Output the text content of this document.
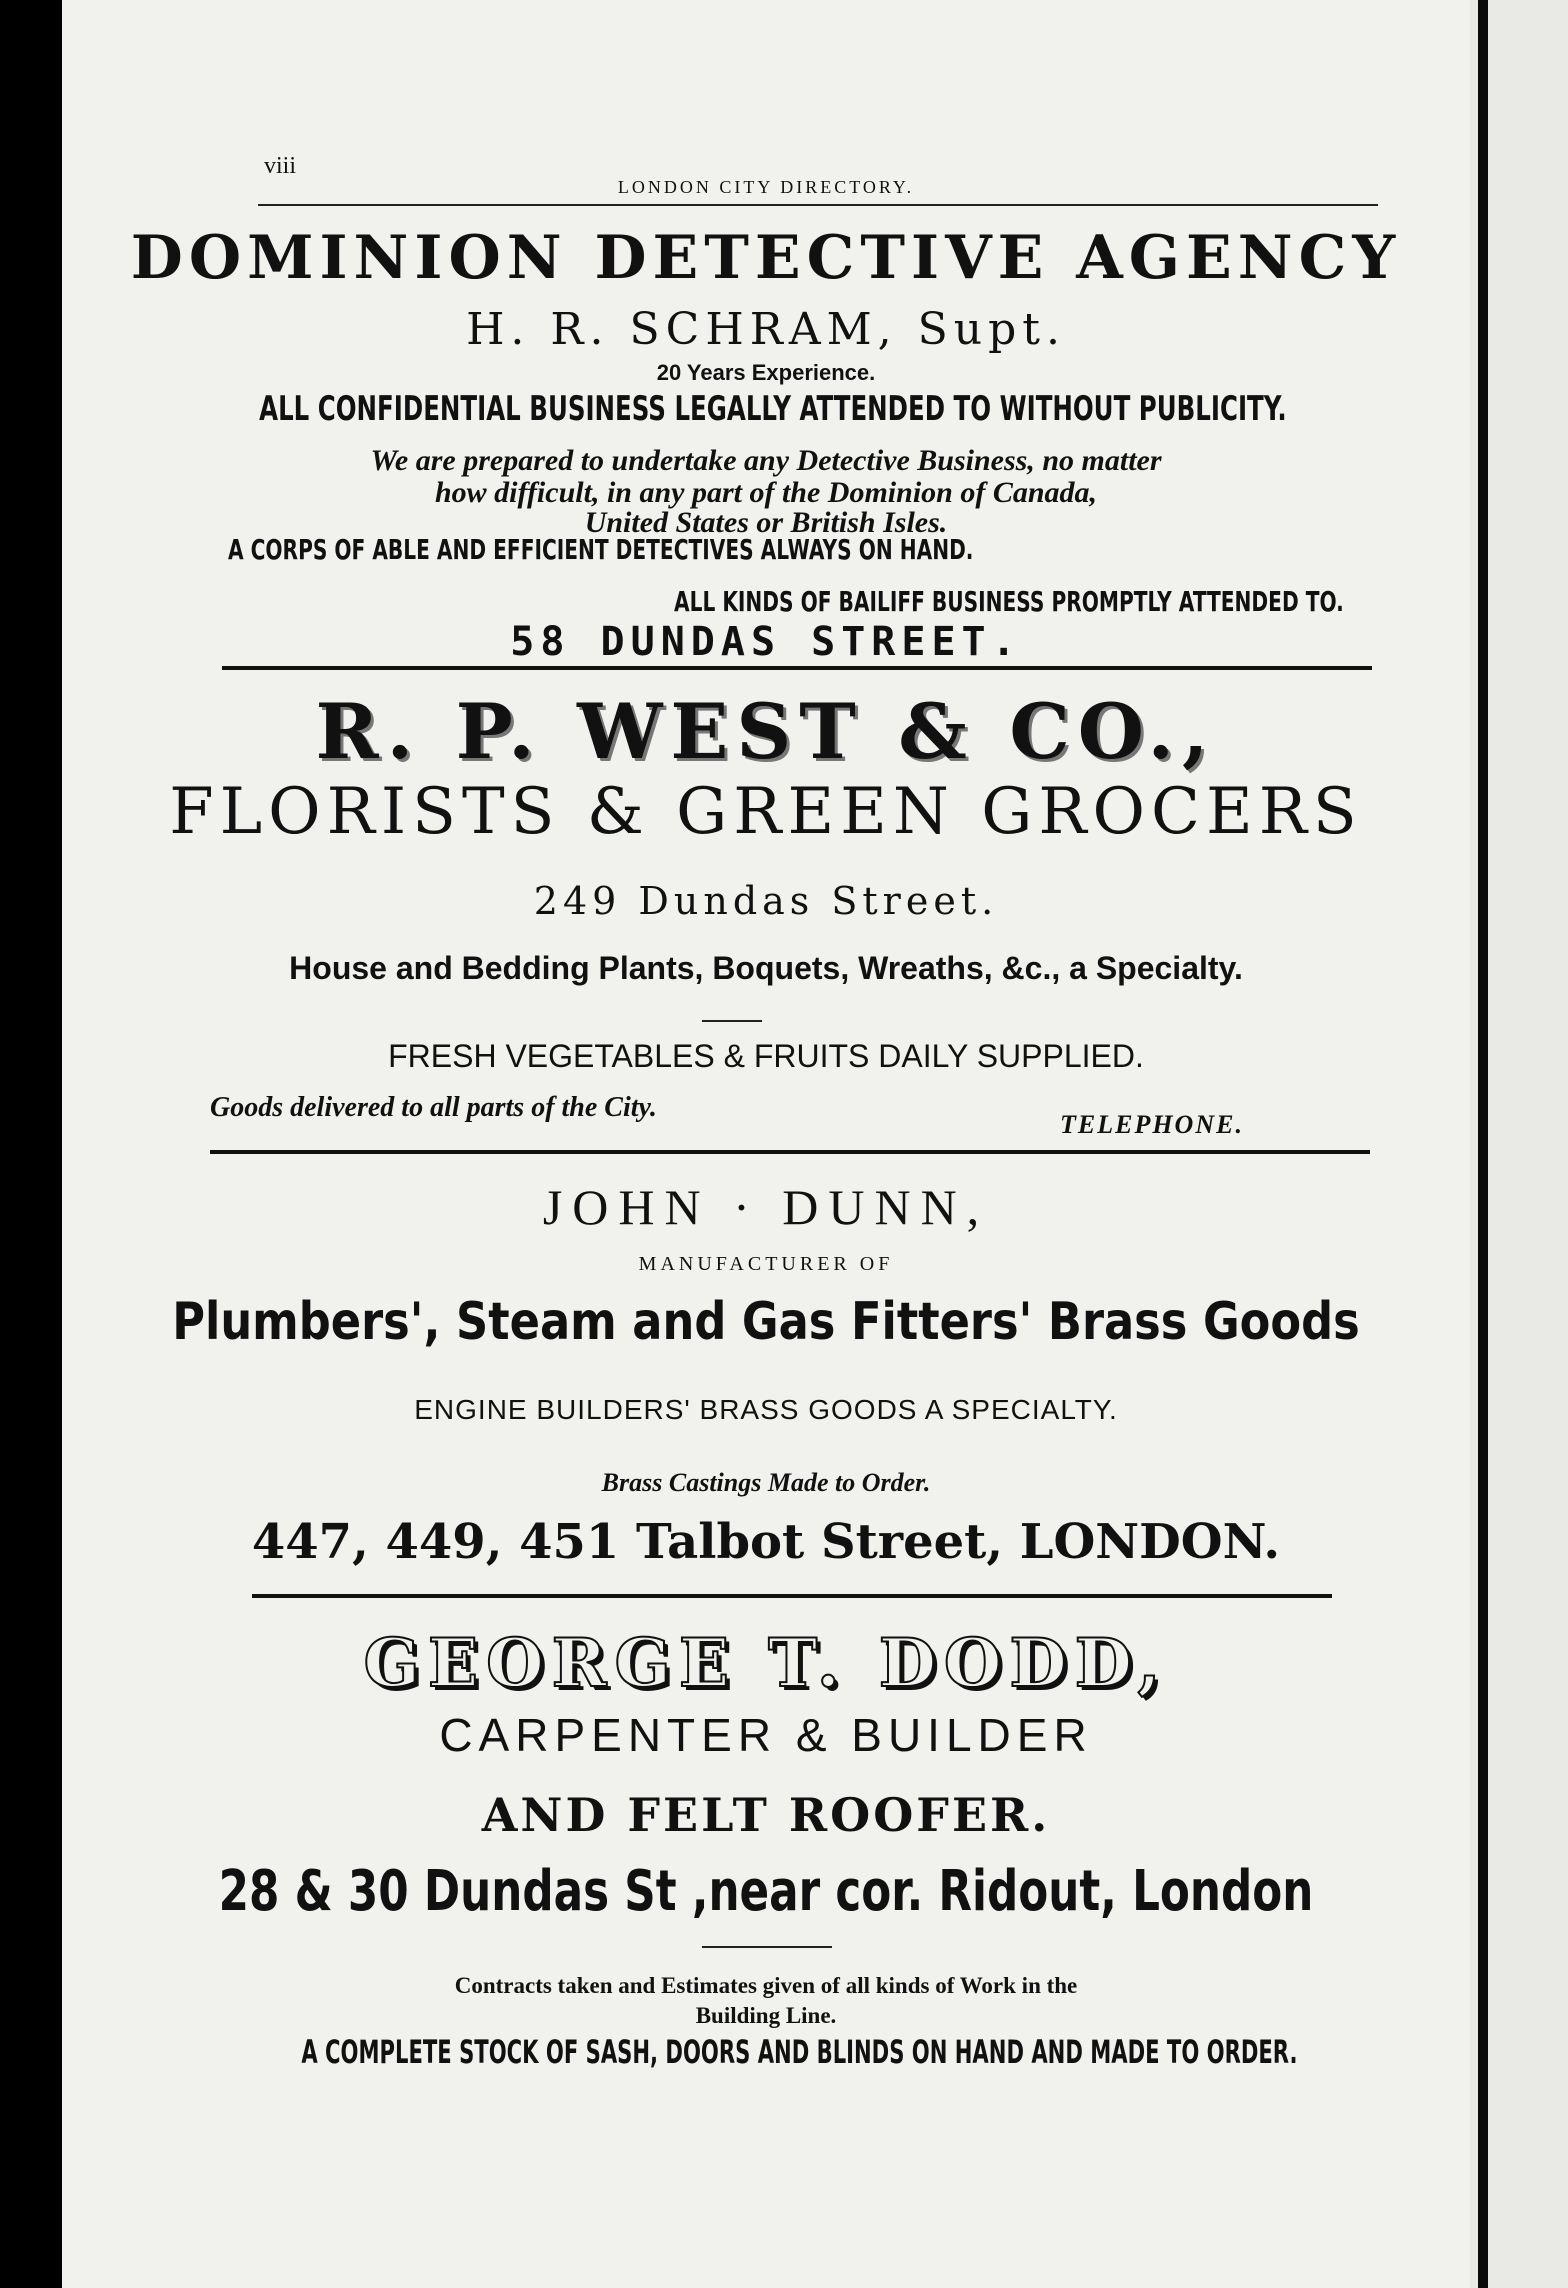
viii
LONDON CITY DIRECTORY.
DOMINION DETECTIVE AGENCY
H. R. SCHRAM, Supt.
20 Years Experience.
ALL CONFIDENTIAL BUSINESS LEGALLY ATTENDED TO WITHOUT PUBLICITY.
We are prepared to undertake any Detective Business, no matter
how difficult, in any part of the Dominion of Canada,
United States or British Isles.
A CORPS OF ABLE AND EFFICIENT DETECTIVES ALWAYS ON HAND.
ALL KINDS OF BAILIFF BUSINESS PROMPTLY ATTENDED TO.
58 DUNDAS STREET.
R. P. WEST & CO.,
FLORISTS & GREEN GROCERS
249 Dundas Street.
House and Bedding Plants, Boquets, Wreaths, &c., a Specialty.
FRESH VEGETABLES & FRUITS DAILY SUPPLIED.
Goods delivered to all parts of the City.
TELEPHONE.
JOHN · DUNN,
MANUFACTURER OF
Plumbers', Steam and Gas Fitters' Brass Goods
ENGINE BUILDERS' BRASS GOODS A SPECIALTY.
Brass Castings Made to Order.
447, 449, 451 Talbot Street, LONDON.
GEORGE T. DODD,
CARPENTER & BUILDER
AND FELT ROOFER.
28 & 30 Dundas St ,near cor. Ridout, London
Contracts taken and Estimates given of all kinds of Work in the
Building Line.
A COMPLETE STOCK OF SASH, DOORS AND BLINDS ON HAND AND MADE TO ORDER.
